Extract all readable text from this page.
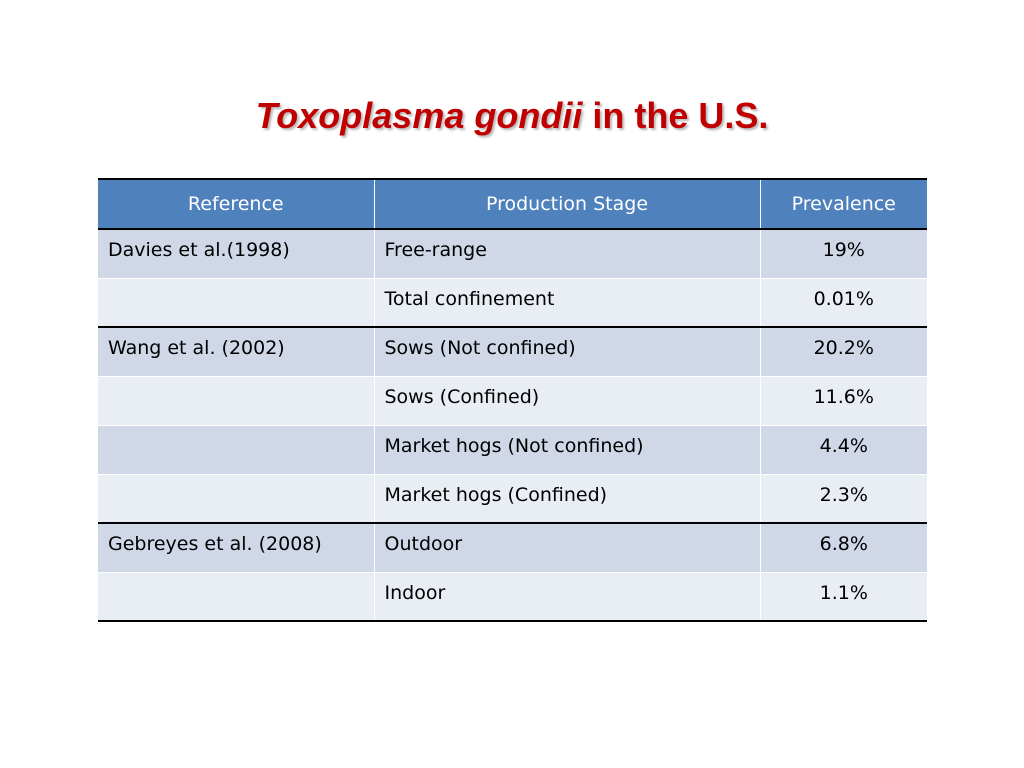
Toxoplasma gondii in the U.S.
Reference	Production Stage	Prevalence
Davies et al.(1998)	Free-range	19%
	Total confinement	0.01%
Wang et al. (2002)	Sows (Not confined)	20.2%
	Sows (Confined)	11.6%
	Market hogs (Not confined)	4.4%
	Market hogs (Confined)	2.3%
Gebreyes et al. (2008)	Outdoor	6.8%
	Indoor	1.1%
